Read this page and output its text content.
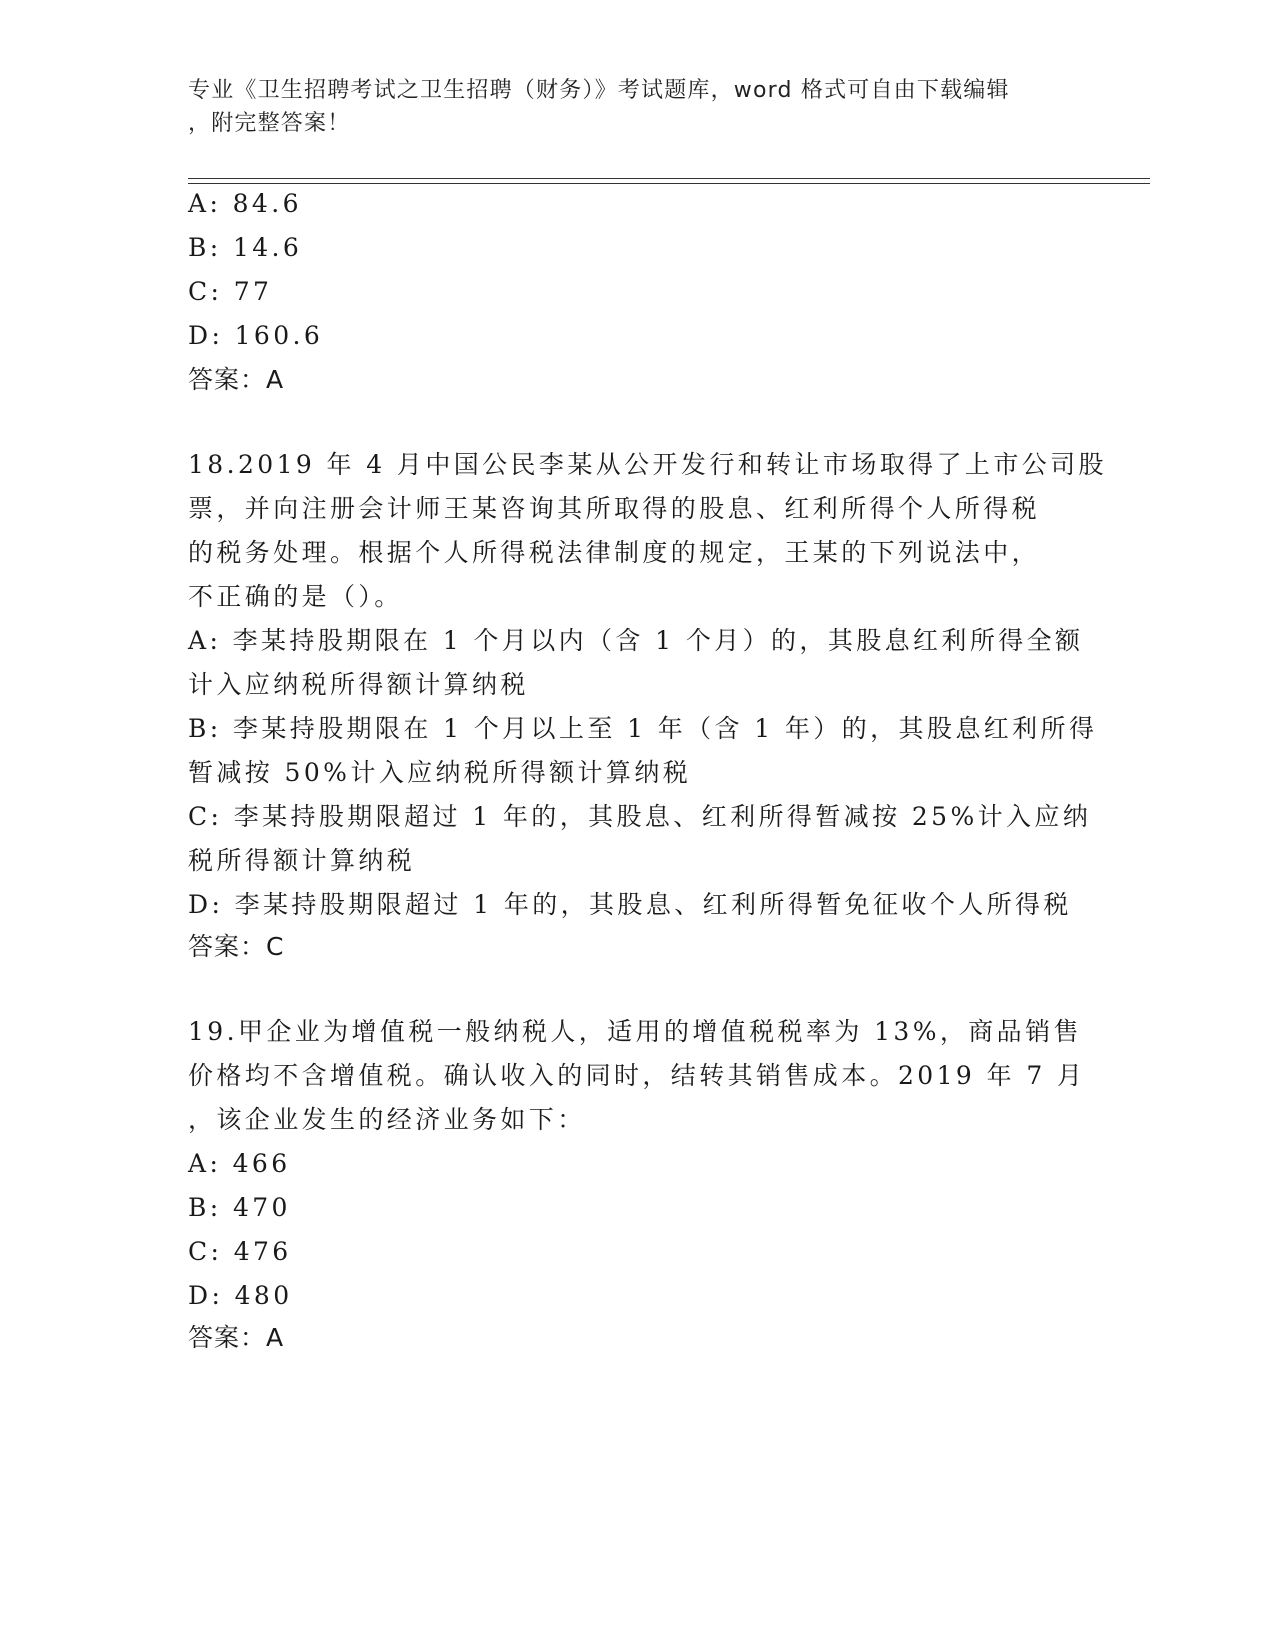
专业《卫生招聘考试之卫生招聘（财务）》考试题库，word 格式可自由下载编辑
，附完整答案！
A: 84.6
B: 14.6
C: 77
D: 160.6
答案：A
18.2019 年 4 月中国公民李某从公开发行和转让市场取得了上市公司股
票，并向注册会计师王某咨询其所取得的股息、红利所得个人所得税
的税务处理。根据个人所得税法律制度的规定，王某的下列说法中，
不正确的是（）。
A: 李某持股期限在 1 个月以内（含 1 个月）的，其股息红利所得全额
计入应纳税所得额计算纳税
B: 李某持股期限在 1 个月以上至 1 年（含 1 年）的，其股息红利所得
暂减按 50%计入应纳税所得额计算纳税
C: 李某持股期限超过 1 年的，其股息、红利所得暂减按 25%计入应纳
税所得额计算纳税
D: 李某持股期限超过 1 年的，其股息、红利所得暂免征收个人所得税
答案：C
19.甲企业为增值税一般纳税人，适用的增值税税率为 13%，商品销售
价格均不含增值税。确认收入的同时，结转其销售成本。2019 年 7 月
，该企业发生的经济业务如下：
A: 466
B: 470
C: 476
D: 480
答案：A
